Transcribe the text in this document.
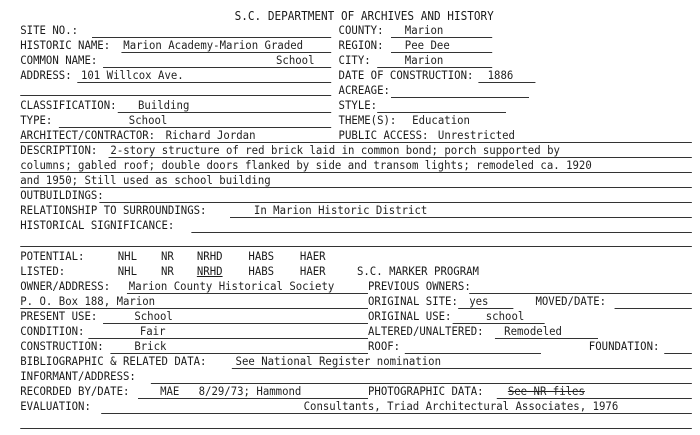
S.C. DEPARTMENT OF ARCHIVES AND HISTORY
SITE NO.:	COUNTY: Marion
HISTORIC NAME: Marion Academy-Marion Graded	REGION: Pee Dee
COMMON NAME:	School CITY:	Marion
ADDRESS: 101 Willcox Ave.	DATE OF CONSTRUCTION: 1886
ACREAGE:
CLASSIFICATION: Building	STYLE:
TYPE:	School	THEME(S): Education
ARCHITECT/CONTRACTOR: Richard Jordan	PUBLIC ACCESS: Unrestricted
DESCRIPTION: 2-story structure of red brick laid in common bond; porch supported by
columns; gabled roof; double doors flanked by side and transom lights; remodeled ca. 1920
and 1950; Still used as school building
OUTBUILDINGS:
RELATIONSHIP TO SURROUNDINGS:	In Marion Historic District
HISTORICAL SIGNIFICANCE:
POTENTIAL:	NHL NR NRHD HABS HAER
LISTED:	NHL NR NRHD HABS HAER	S.C. MARKER PROGRAM
OWNER/ADDRESS: Marion County Historical Society	PREVIOUS OWNERS:
P. O. Box 188, Marion	ORIGINAL SITE: yes	MOVED/DATE:
PRESENT USE:	School	ORIGINAL USE:	school
CONDITION:	Fair	ALTERED/UNALTERED: Remodeled
CONSTRUCTION:	Brick	ROOF:	FOUNDATION:
BIBLIOGRAPHIC & RELATED DATA:	See National Register nomination
INFORMANT/ADDRESS:
RECORDED BY/DATE:	MAE   8/29/73; Hammond	PHOTOGRAPHIC DATA: See NR files
EVALUATION:	Consultants, Triad Architectural Associates, 1976
